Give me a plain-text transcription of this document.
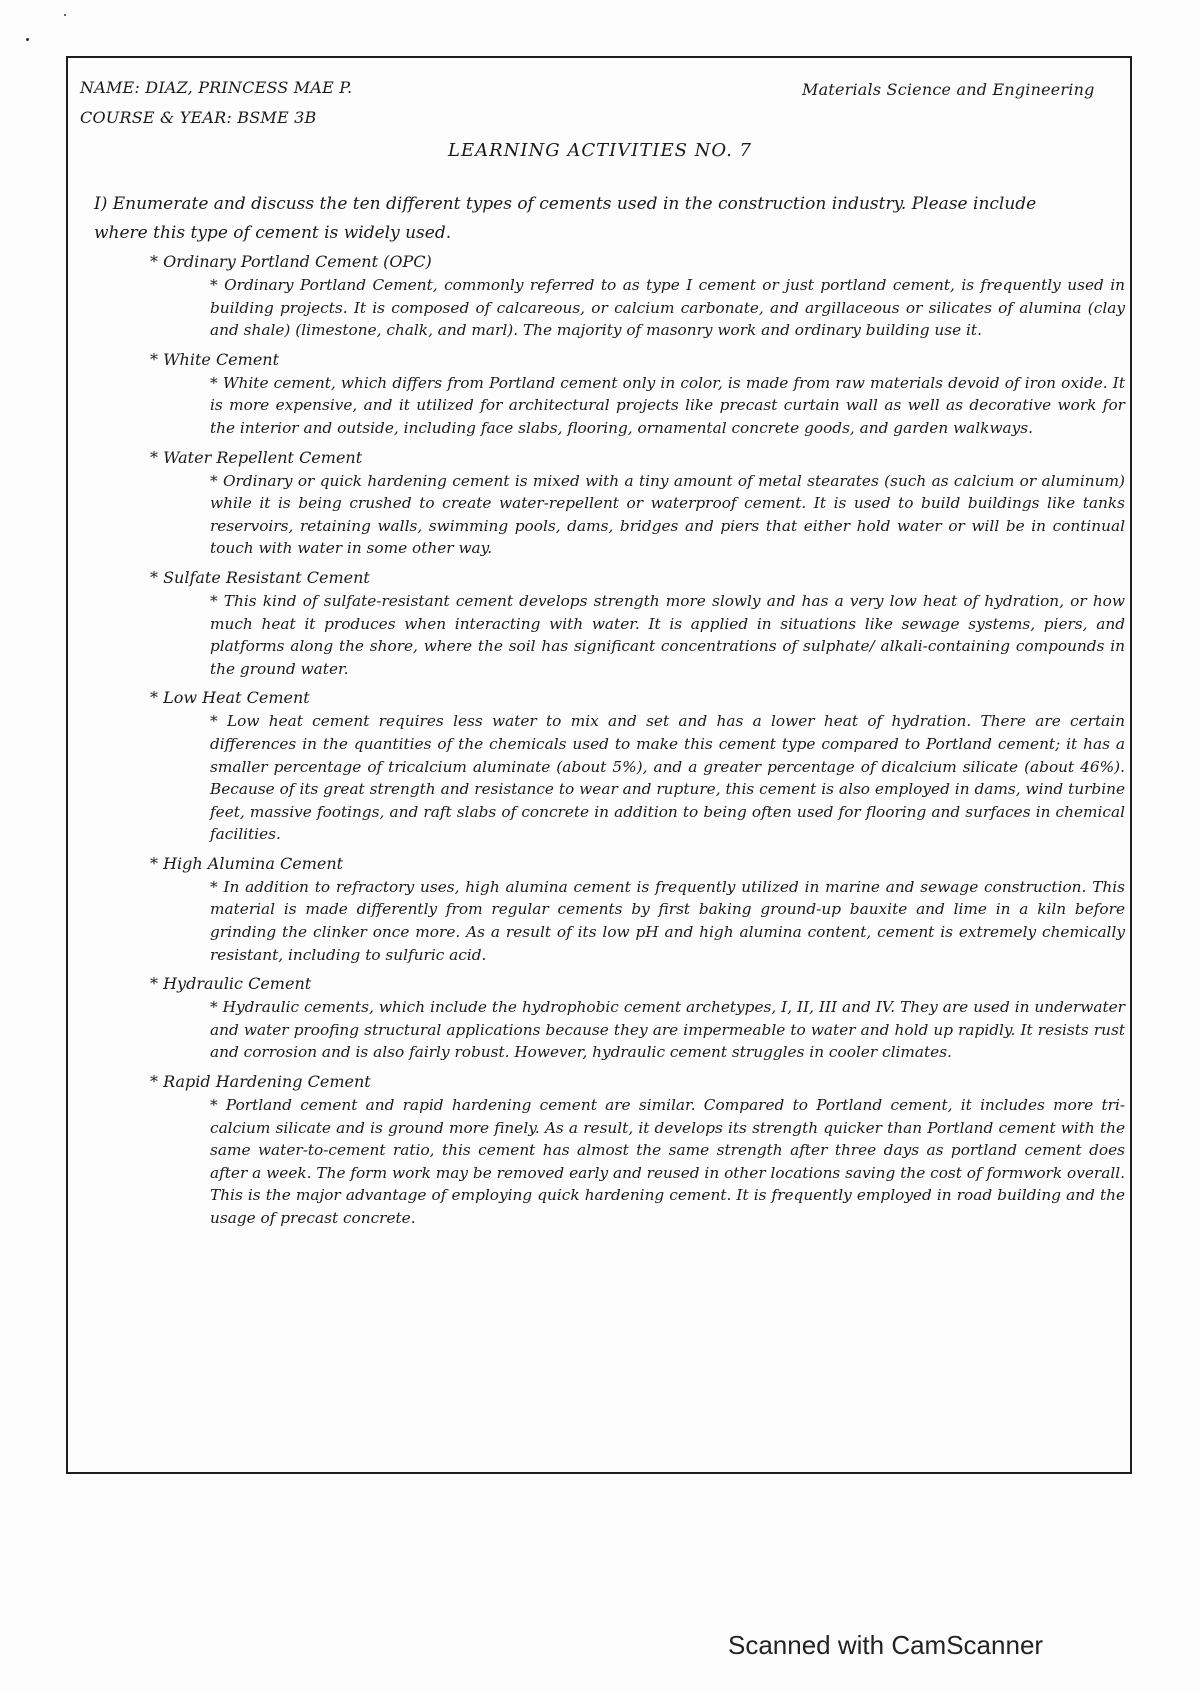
NAME: DIAZ, PRINCESS MAE P.
COURSE & YEAR: BSME 3B
Materials Science and Engineering
LEARNING ACTIVITIES NO. 7
I) Enumerate and discuss the ten different types of cements used in the construction industry. Please include where this type of cement is widely used.
* Ordinary Portland Cement (OPC)
* Ordinary Portland Cement, commonly referred to as type I cement or just portland cement, is frequently used in building projects. It is composed of calcareous, or calcium carbonate, and argillaceous or silicates of alumina (clay and shale) (limestone, chalk, and marl). The majority of masonry work and ordinary building use it.
* White Cement
* White cement, which differs from Portland cement only in color, is made from raw materials devoid of iron oxide. It is more expensive, and it utilized for architectural projects like precast curtain wall as well as decorative work for the interior and outside, including face slabs, flooring, ornamental concrete goods, and garden walkways.
* Water Repellent Cement
* Ordinary or quick hardening cement is mixed with a tiny amount of metal stearates (such as calcium or aluminum) while it is being crushed to create water-repellent or waterproof cement. It is used to build buildings like tanks reservoirs, retaining walls, swimming pools, dams, bridges and piers that either hold water or will be in continual touch with water in some other way.
* Sulfate Resistant Cement
* This kind of sulfate-resistant cement develops strength more slowly and has a very low heat of hydration, or how much heat it produces when interacting with water. It is applied in situations like sewage systems, piers, and platforms along the shore, where the soil has significant concentrations of sulphate/ alkali-containing compounds in the ground water.
* Low Heat Cement
* Low heat cement requires less water to mix and set and has a lower heat of hydration. There are certain differences in the quantities of the chemicals used to make this cement type compared to Portland cement; it has a smaller percentage of tricalcium aluminate (about 5%), and a greater percentage of dicalcium silicate (about 46%). Because of its great strength and resistance to wear and rupture, this cement is also employed in dams, wind turbine feet, massive footings, and raft slabs of concrete in addition to being often used for flooring and surfaces in chemical facilities.
* High Alumina Cement
* In addition to refractory uses, high alumina cement is frequently utilized in marine and sewage construction. This material is made differently from regular cements by first baking ground-up bauxite and lime in a kiln before grinding the clinker once more. As a result of its low pH and high alumina content, cement is extremely chemically resistant, including to sulfuric acid.
* Hydraulic Cement
* Hydraulic cements, which include the hydrophobic cement archetypes, I, II, III and IV. They are used in underwater and water proofing structural applications because they are impermeable to water and hold up rapidly. It resists rust and corrosion and is also fairly robust. However, hydraulic cement struggles in cooler climates.
* Rapid Hardening Cement
* Portland cement and rapid hardening cement are similar. Compared to Portland cement, it includes more tri-calcium silicate and is ground more finely. As a result, it develops its strength quicker than Portland cement with the same water-to-cement ratio, this cement has almost the same strength after three days as portland cement does after a week. The form work may be removed early and reused in other locations saving the cost of formwork overall. This is the major advantage of employing quick hardening cement. It is frequently employed in road building and the usage of precast concrete.
Scanned with CamScanner
